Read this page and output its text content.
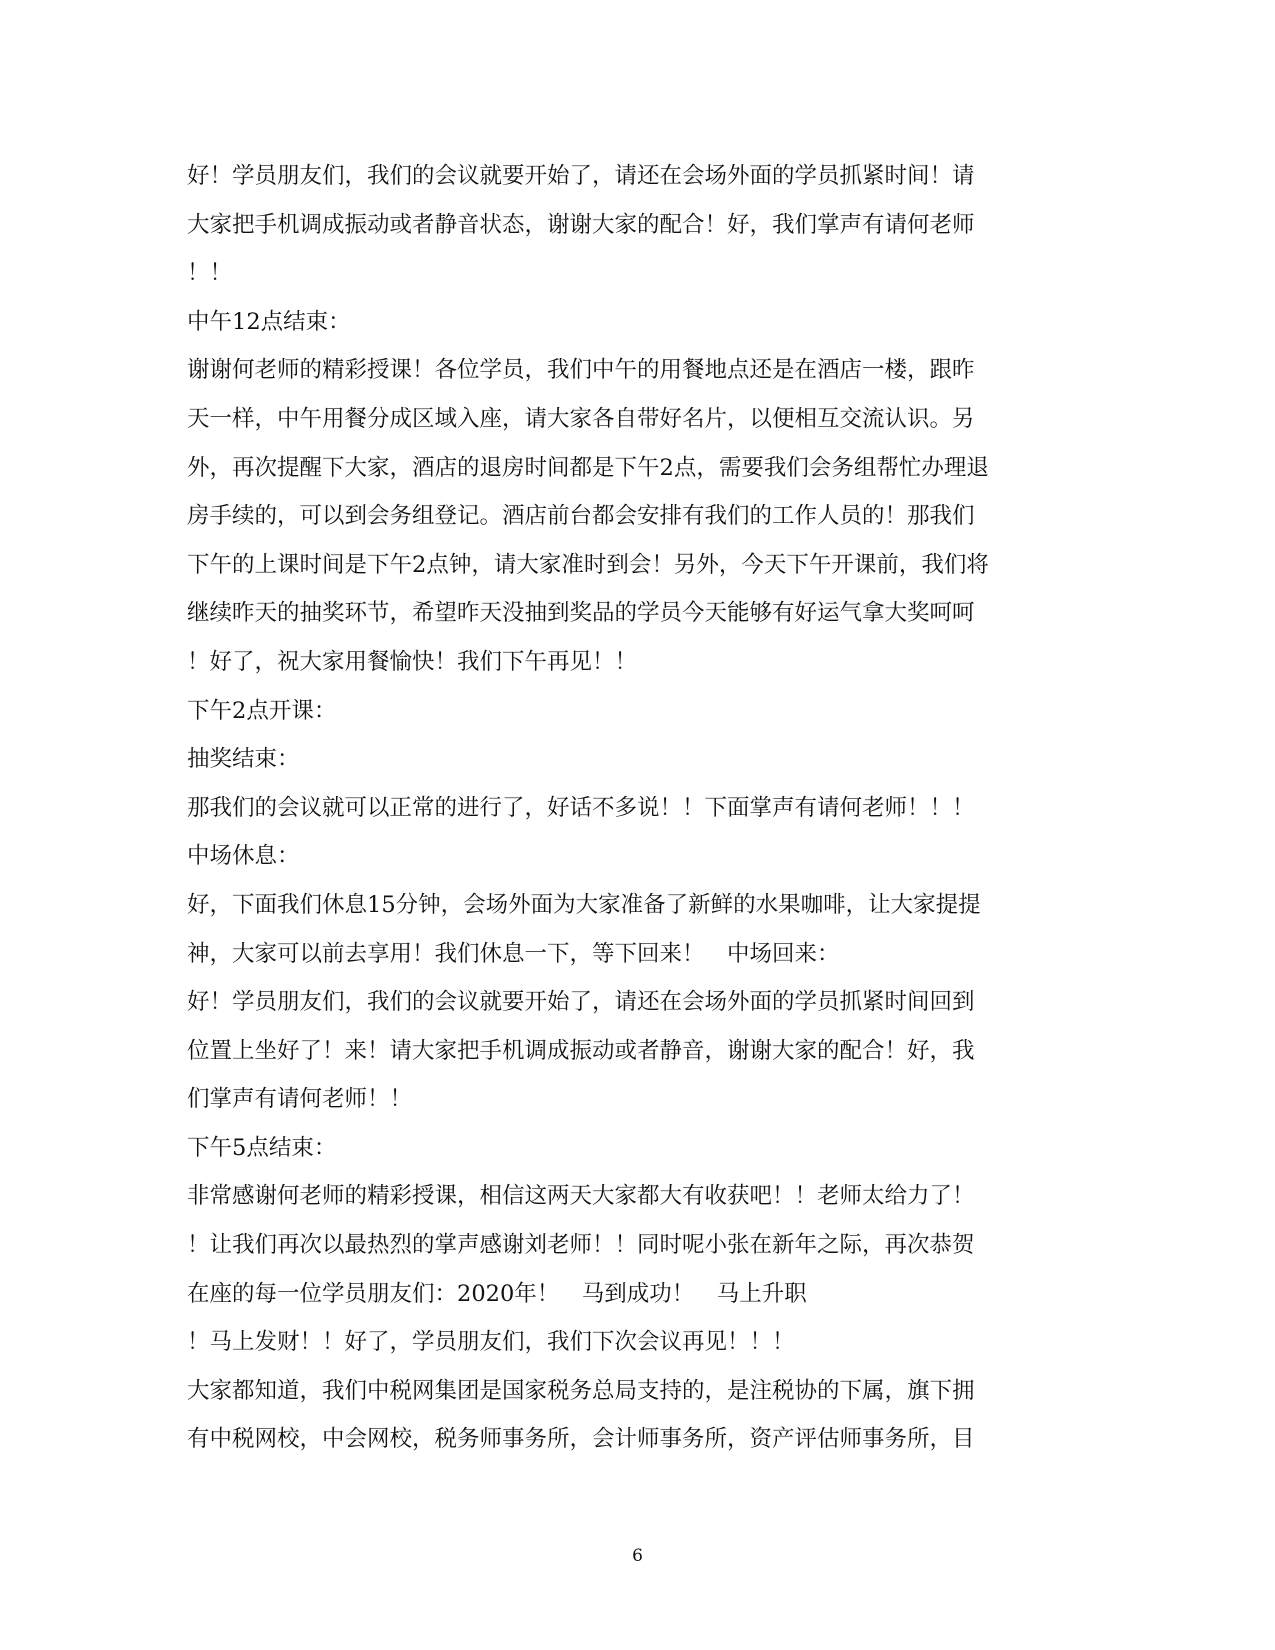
好！学员朋友们，我们的会议就要开始了，请还在会场外面的学员抓紧时间！请

大家把手机调成振动或者静音状态，谢谢大家的配合！好，我们掌声有请何老师

！！

中午12点结束：

谢谢何老师的精彩授课！各位学员，我们中午的用餐地点还是在酒店一楼，跟昨

天一样，中午用餐分成区域入座，请大家各自带好名片，以便相互交流认识。另

外，再次提醒下大家，酒店的退房时间都是下午2点，需要我们会务组帮忙办理退

房手续的，可以到会务组登记。酒店前台都会安排有我们的工作人员的！那我们

下午的上课时间是下午2点钟，请大家准时到会！另外，今天下午开课前，我们将

继续昨天的抽奖环节，希望昨天没抽到奖品的学员今天能够有好运气拿大奖呵呵

！好了，祝大家用餐愉快！我们下午再见！！

下午2点开课：

抽奖结束：

那我们的会议就可以正常的进行了，好话不多说！！下面掌声有请何老师！！！

中场休息：

好，下面我们休息15分钟，会场外面为大家准备了新鲜的水果咖啡，让大家提提

神，大家可以前去享用！我们休息一下，等下回来！　中场回来：

好！学员朋友们，我们的会议就要开始了，请还在会场外面的学员抓紧时间回到

位置上坐好了！来！请大家把手机调成振动或者静音，谢谢大家的配合！好，我

们掌声有请何老师！！

下午5点结束：

非常感谢何老师的精彩授课，相信这两天大家都大有收获吧！！老师太给力了！

！让我们再次以最热烈的掌声感谢刘老师！！同时呢小张在新年之际，再次恭贺

在座的每一位学员朋友们：2020年！　马到成功！　马上升职

！马上发财！！好了，学员朋友们，我们下次会议再见！！！

大家都知道，我们中税网集团是国家税务总局支持的，是注税协的下属，旗下拥

有中税网校，中会网校，税务师事务所，会计师事务所，资产评估师事务所，目

6
